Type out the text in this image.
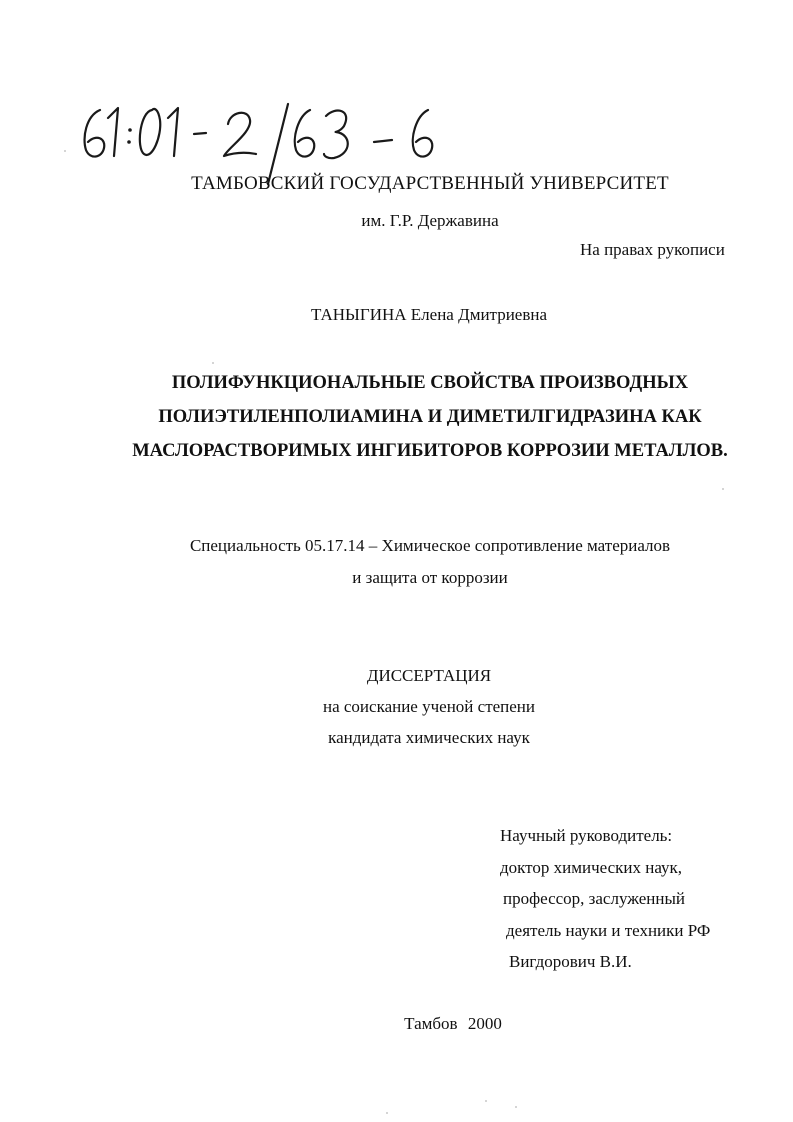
ТАМБОВСКИЙ ГОСУДАРСТВЕННЫЙ УНИВЕРСИТЕТ
им. Г.Р. Державина
На правах рукописи
ТАНЫГИНА Елена Дмитриевна
ПОЛИФУНКЦИОНАЛЬНЫЕ СВОЙСТВА ПРОИЗВОДНЫХ
ПОЛИЭТИЛЕНПОЛИАМИНА И ДИМЕТИЛГИДРАЗИНА КАК
МАСЛОРАСТВОРИМЫХ ИНГИБИТОРОВ КОРРОЗИИ МЕТАЛЛОВ.
Специальность 05.17.14 – Химическое сопротивление материалов
и защита от коррозии
ДИССЕРТАЦИЯ
на соискание ученой степени
кандидата химических наук
Научный руководитель:
доктор химических наук,
профессор, заслуженный
деятель науки и техники РФ
Вигдорович В.И.
Тамбов 2000
